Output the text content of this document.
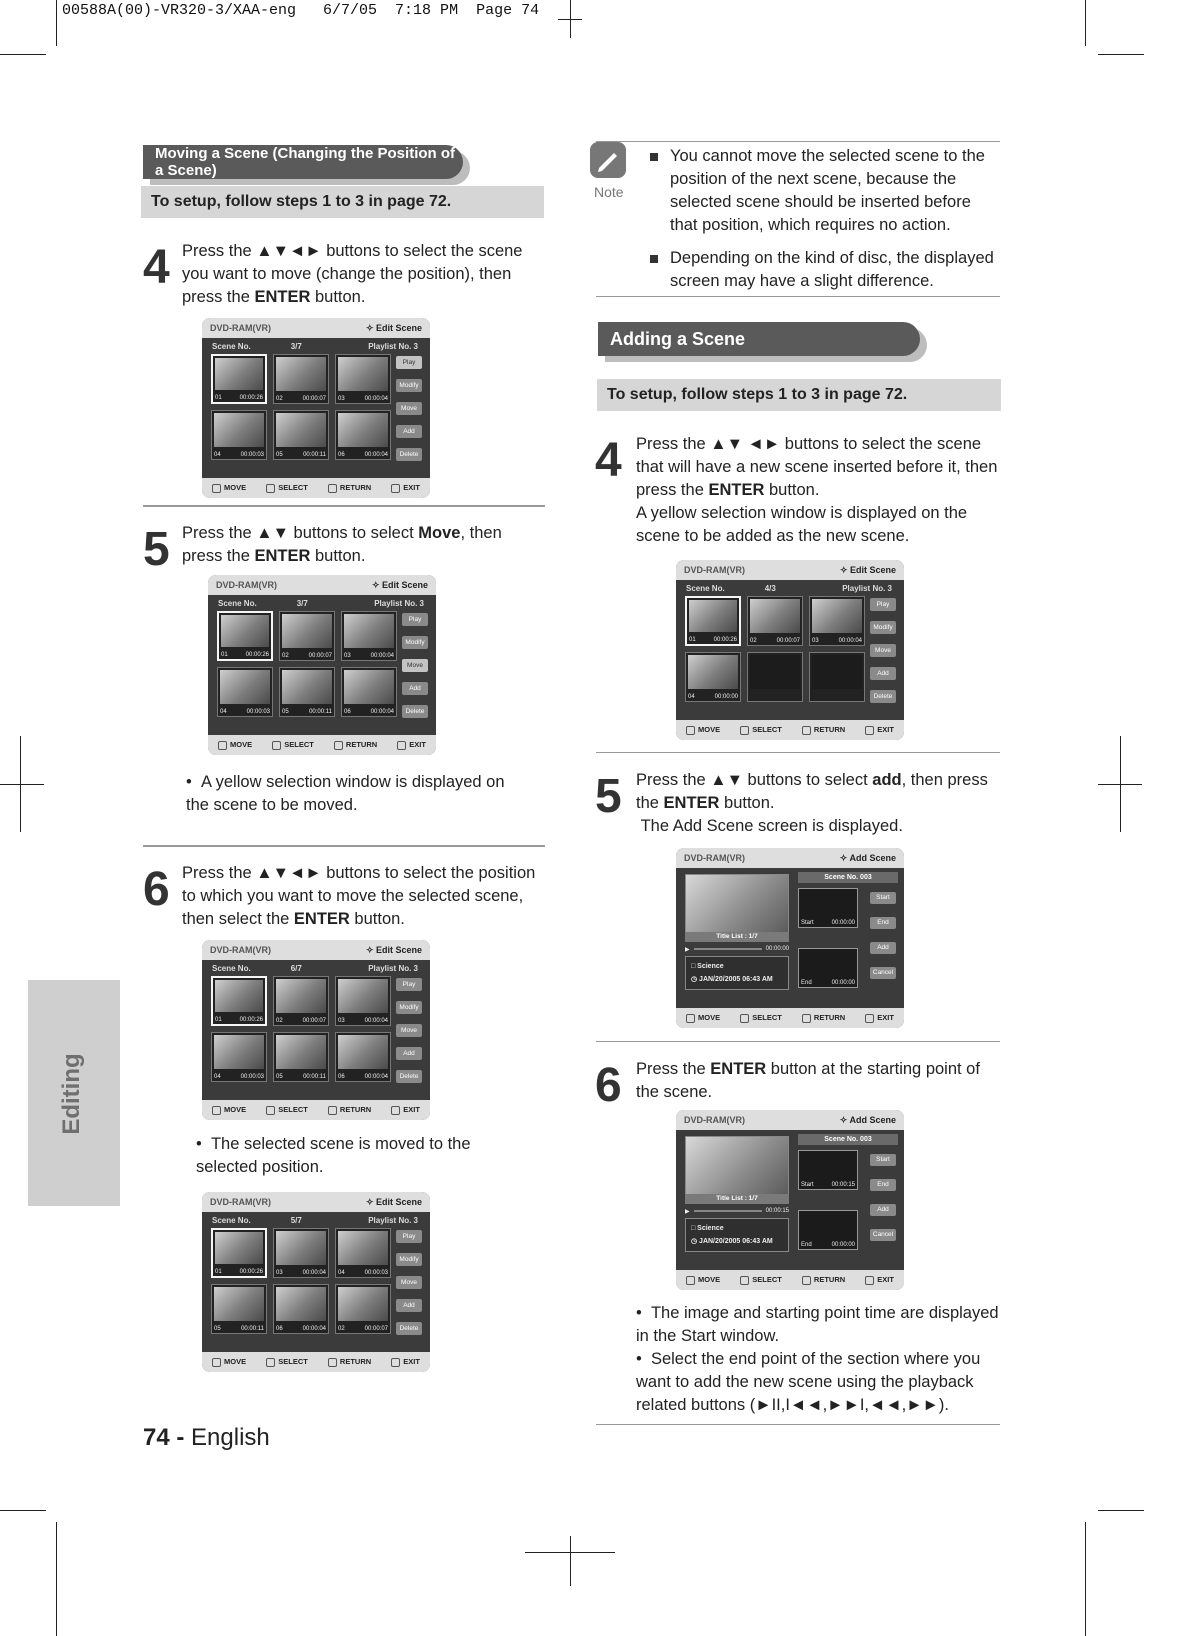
00588A(00)-VR320-3/XAA-eng   6/7/05  7:18 PM  Page 74
Editing
Moving a Scene (Changing the Position of a Scene)
To setup, follow steps 1 to 3 in page 72.
4 Press the ▲▼◄► buttons to select the scene you want to move (change the position), then press the ENTER button.
DVD-RAM(VR)	✧ Edit Scene
Scene No.	3/7	Playlist No. 3
01	00:00:26 02	00:00:07 03	00:00:04
04	00:00:03 05	00:00:11 06	00:00:04
Play
Modify
Move
Add
Delete
MOVE	SELECT	RETURN	EXIT
5 Press the ▲▼ buttons to select Move, then press the ENTER button.
DVD-RAM(VR)	✧ Edit Scene
Scene No.	3/7	Playlist No. 3
01	00:00:26 02	00:00:07 03	00:00:04
04	00:00:03 05	00:00:11 06	00:00:04
Play
Modify
Move
Add
Delete
MOVE	SELECT	RETURN	EXIT
•  A yellow selection window is displayed on the scene to be moved.
6 Press the ▲▼◄► buttons to select the position to which you want to move the selected scene, then select the ENTER button.
DVD-RAM(VR)	✧ Edit Scene
Scene No.	6/7	Playlist No. 3
01	00:00:26 02	00:00:07 03	00:00:04
04	00:00:03 05	00:00:11 06	00:00:04
Play
Modify
Move
Add
Delete
MOVE	SELECT	RETURN	EXIT
•  The selected scene is moved to the selected position.
DVD-RAM(VR)	✧ Edit Scene
Scene No.	5/7	Playlist No. 3
01	00:00:26 03	00:00:04 04	00:00:03
05	00:00:11 06	00:00:04 02	00:00:07
Play
Modify
Move
Add
Delete
MOVE	SELECT	RETURN	EXIT
74 - English
Note
You cannot move the selected scene to the position of the next scene, because the selected scene should be inserted before that position, which requires no action.
Depending on the kind of disc, the displayed screen may have a slight difference.
Adding a Scene
To setup, follow steps 1 to 3 in page 72.
4 Press the ▲▼ ◄► buttons to select the scene that will have a new scene inserted before it, then press the ENTER button.
A yellow selection window is displayed on the scene to be added as the new scene.
DVD-RAM(VR)	✧ Edit Scene
Scene No.	4/3	Playlist No. 3
01	00:00:26 02	00:00:07 03	00:00:04
04	00:00:00
Play
Modify
Move
Add
Delete
MOVE	SELECT	RETURN	EXIT
5 Press the ▲▼ buttons to select add, then press the ENTER button.
The Add Scene screen is displayed.
DVD-RAM(VR)	✧ Add Scene
Title List : 1/7
▶	00:00:00
□ Science
◷ JAN/20/2005 06:43 AM
Scene No. 003
Start	00:00:00
End	00:00:00
Start
End
Add
Cancel
MOVE	SELECT	RETURN	EXIT
6 Press the ENTER button at the starting point of the scene.
DVD-RAM(VR)	✧ Add Scene
Title List : 1/7
▶	00:00:15
□ Science
◷ JAN/20/2005 06:43 AM
Scene No. 003
Start	00:00:15
End	00:00:00
Start
End
Add
Cancel
MOVE	SELECT	RETURN	EXIT
•  The image and starting point time are displayed in the Start window.
•  Select the end point of the section where you want to add the new scene using the playback related buttons (►II,I◄◄,►►I,◄◄,►►).
